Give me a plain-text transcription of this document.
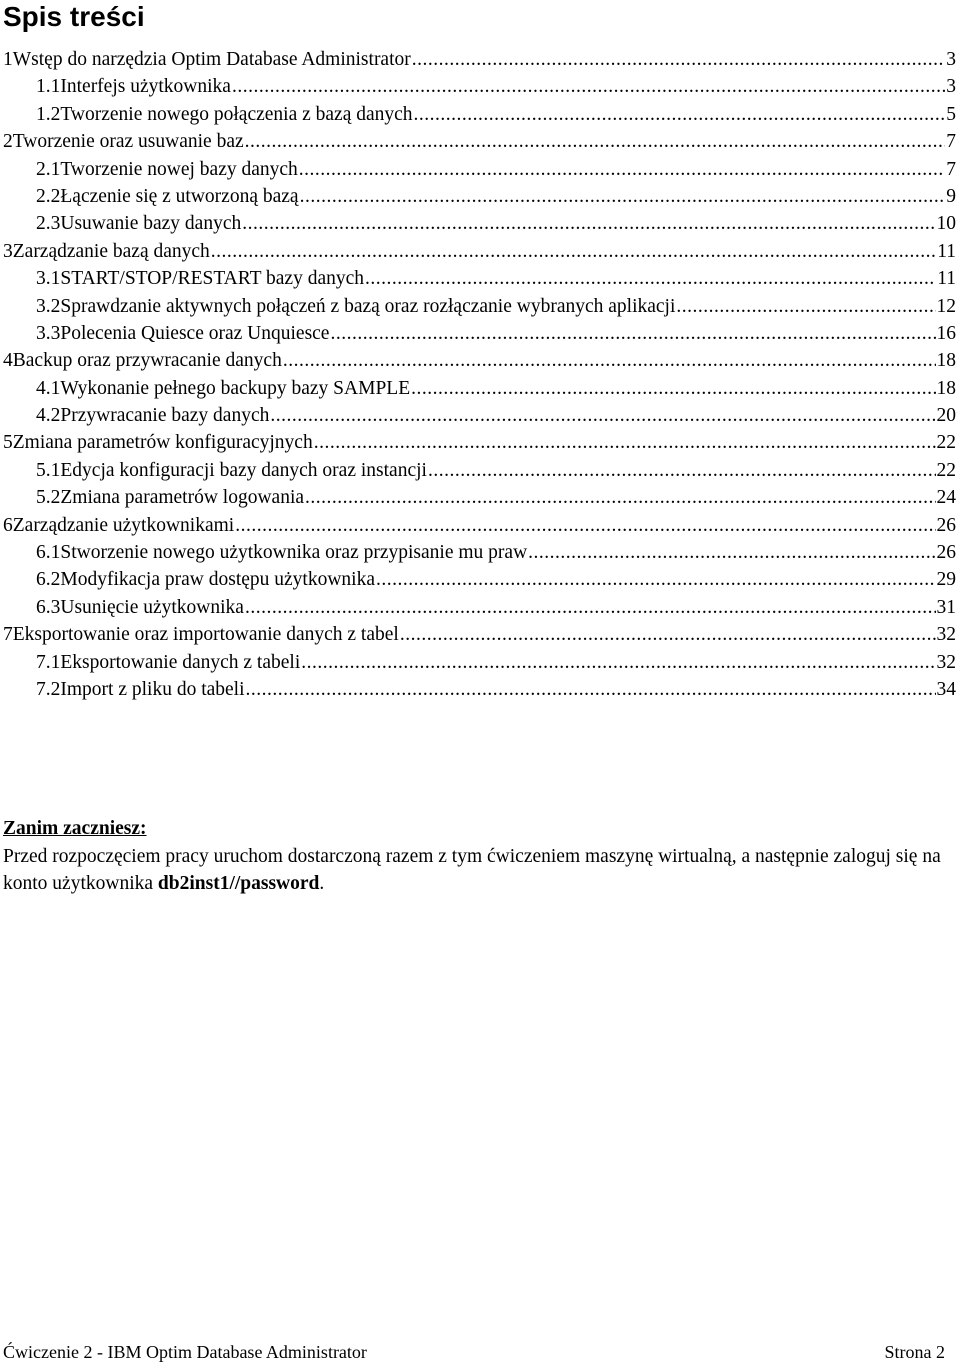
Spis treści
1Wstęp do narzędzia Optim Database Administrator .....	3
1.1Interfejs użytkownika .....	3
1.2Tworzenie nowego połączenia z bazą danych .....	5
2Tworzenie oraz usuwanie baz .....	7
2.1Tworzenie nowej bazy danych .....	7
2.2Łączenie się z utworzoną bazą .....	9
2.3Usuwanie bazy danych .....	10
3Zarządzanie bazą danych .....	11
3.1START/STOP/RESTART bazy danych .....	11
3.2Sprawdzanie aktywnych połączeń z bazą oraz rozłączanie wybranych aplikacji .....	12
3.3Polecenia Quiesce oraz Unquiesce .....	16
4Backup oraz przywracanie danych .....	18
4.1Wykonanie pełnego backupy bazy SAMPLE .....	18
4.2Przywracanie bazy danych .....	20
5Zmiana parametrów konfiguracyjnych .....	22
5.1Edycja konfiguracji bazy danych oraz instancji .....	22
5.2Zmiana parametrów logowania .....	24
6Zarządzanie użytkownikami .....	26
6.1Stworzenie nowego użytkownika oraz przypisanie mu praw .....	26
6.2Modyfikacja praw dostępu użytkownika .....	29
6.3Usunięcie użytkownika .....	31
7Eksportowanie oraz importowanie danych z tabel .....	32
7.1Eksportowanie danych z tabeli .....	32
7.2Import z pliku do tabeli .....	34

Zanim zaczniesz:

Przed rozpoczęciem pracy uruchom dostarczoną razem z tym ćwiczeniem maszynę wirtualną, a następnie zaloguj się na konto użytkownika db2inst1//password.

Ćwiczenie 2 - IBM Optim Database Administrator	Strona 2
